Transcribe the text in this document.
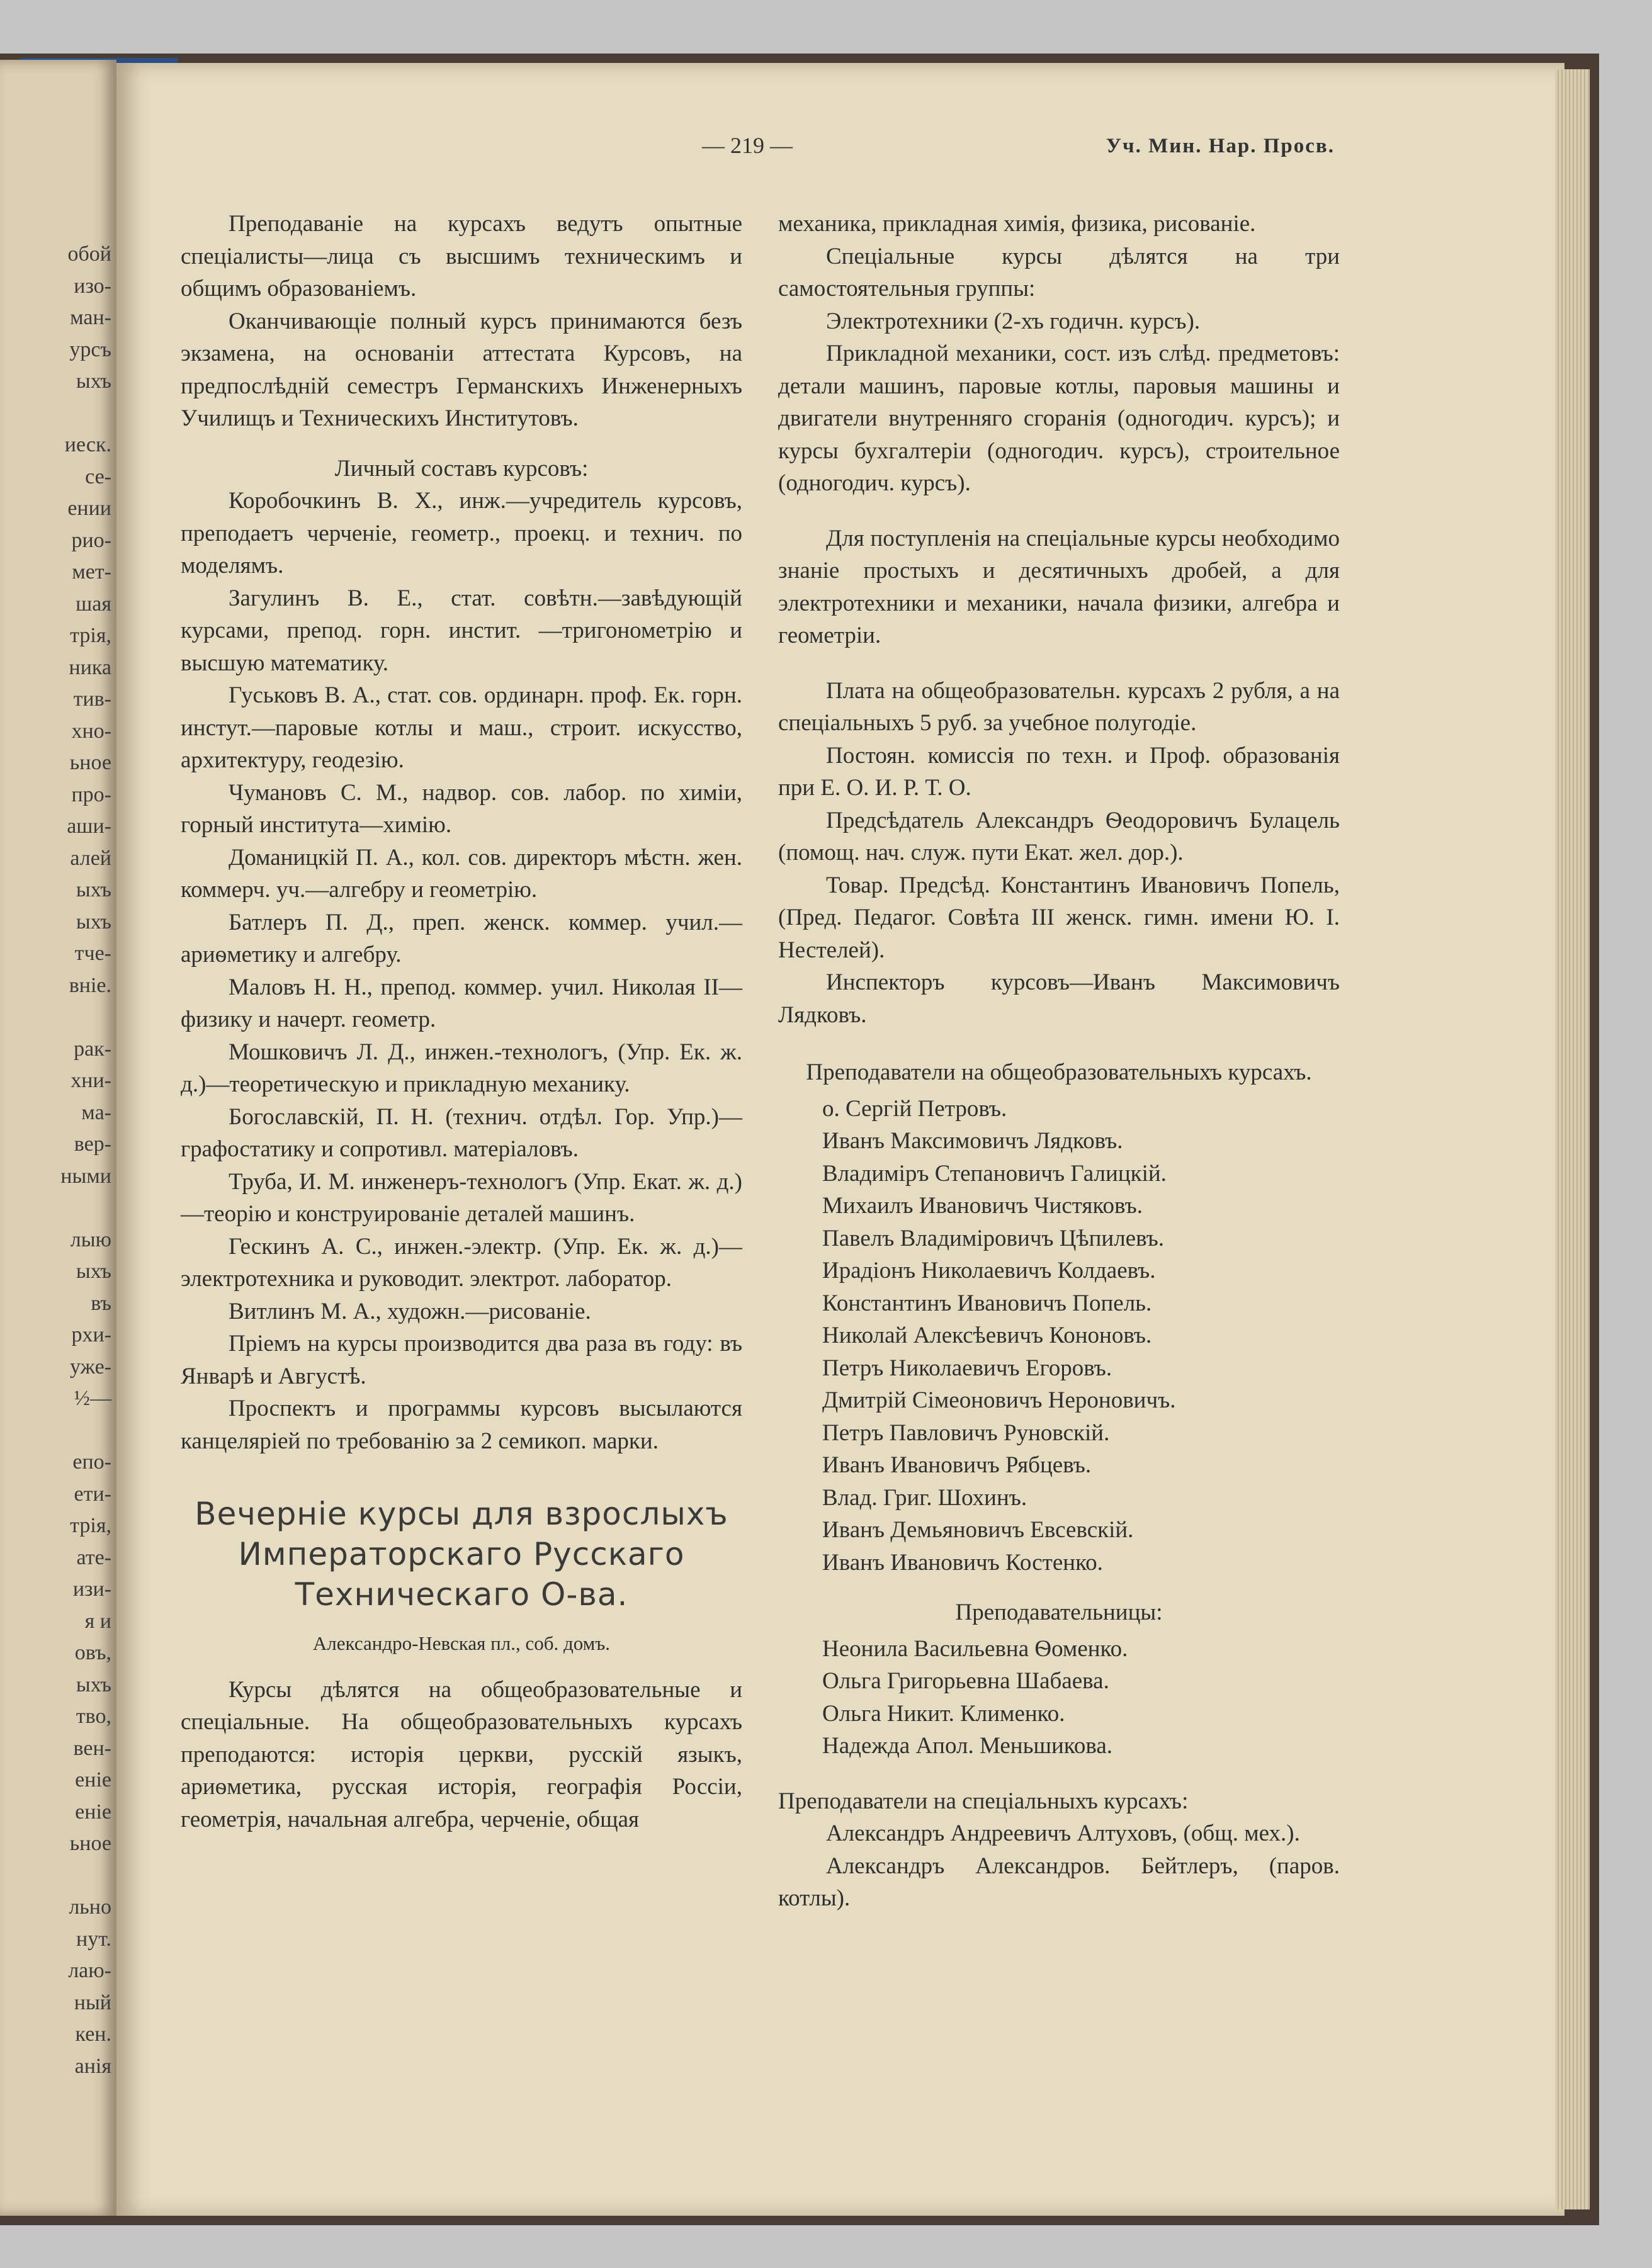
обой
изо-
ман-
урсъ
ыхъ
иеск.
се-
ении
рио-
мет-
шая
трія,
ника
тив-
хно-
ьное
про-
аши-
алей
ыхъ
ыхъ
тче-
внiе.
рак-
хни-
ма-
вер-
ными
лыю
ыхъ
въ
рхи-
уже-
½—
епо-
ети-
трія,
ате-
изи-
я и
овъ,
ыхъ
тво,
вен-
еніе
еніе
ьное
льно
нут.
лаю-
ный
кен.
анія
— 219 —	Уч. Мин. Нар. Просв.

Преподаваніе на курсахъ ведутъ опытные спеціалисты—лица съ высшимъ техническимъ и общимъ образованіемъ.

Оканчивающіе полный курсъ принимаются безъ экзамена, на основаніи аттестата Курсовъ, на предпослѣдній семестръ Германскихъ Инженерныхъ Училищъ и Техническихъ Институтовъ.

Личный составъ курсовъ:

Коробочкинъ В. Х., инж.—учредитель курсовъ, преподаетъ черченіе, геометр., проекц. и технич. по моделямъ.

Загулинъ В. Е., стат. совѣтн.—завѣдующій курсами, препод. горн. инстит. —тригонометрію и высшую математику.

Гуськовъ В. А., стат. сов. ординарн. проф. Ек. горн. инстут.—паровые котлы и маш., строит. искусство, архитектуру, геодезію.

Чумановъ С. М., надвор. сов. лабор. по химіи, горный института—химію.

Доманицкій П. А., кол. сов. директоръ мѣстн. жен. коммерч. уч.—алгебру и геометрію.

Батлеръ П. Д., преп. женск. коммер. учил.—ариѳметику и алгебру.

Маловъ Н. Н., препод. коммер. учил. Николая II—физику и начерт. геометр.

Мошковичъ Л. Д., инжен.-технологъ, (Упр. Ек. ж. д.)—теоретическую и прикладную механику.

Богославскій, П. Н. (технич. отдѣл. Гор. Упр.)—графостатику и сопротивл. матеріаловъ.

Труба, И. М. инженеръ-технологъ (Упр. Екат. ж. д.)—теорію и конструированіе деталей машинъ.

Гескинъ А. С., инжен.-электр. (Упр. Ек. ж. д.)—электротехника и руководит. электрот. лаборатор.

Витлинъ М. А., художн.—рисованіе.

Пріемъ на курсы производится два раза въ году: въ Январѣ и Августѣ.

Проспектъ и программы курсовъ высылаются канцеляріей по требованію за 2 семикоп. марки.

Вечерніе курсы для взрослыхъ Императорскаго Русскаго Техническаго О-ва.

Александро-Невская пл., соб. домъ.

Курсы дѣлятся на общеобразовательные и спеціальные. На общеобразовательныхъ курсахъ преподаются: исторія церкви, русскій языкъ, ариѳметика, русская исторія, географія Россіи, геометрія, начальная алгебра, черченіе, общая

механика, прикладная химія, физика, рисованіе.

Спеціальные курсы дѣлятся на три самостоятельныя группы:

Электротехники (2-хъ годичн. курсъ).

Прикладной механики, сост. изъ слѣд. предметовъ: детали машинъ, паровые котлы, паровыя машины и двигатели внутренняго сгоранія (одногодич. курсъ); и курсы бухгалтеріи (одногодич. курсъ), строительное (одногодич. курсъ).

Для поступленія на спеціальные курсы необходимо знаніе простыхъ и десятичныхъ дробей, а для электротехники и механики, начала физики, алгебра и геометріи.

Плата на общеобразовательн. курсахъ 2 рубля, а на спеціальныхъ 5 руб. за учебное полугодіе.

Постоян. комиссія по техн. и Проф. образованія при Е. О. И. Р. Т. О.

Предсѣдатель Александръ Ѳеодоровичъ Булацель (помощ. нач. служ. пути Екат. жел. дор.).

Товар. Предсѣд. Константинъ Ивановичъ Попель, (Пред. Педагог. Совѣта III женск. гимн. имени Ю. І. Нестелей).

Инспекторъ курсовъ—Иванъ Максимовичъ Лядковъ.

Преподаватели на общеобразовательныхъ курсахъ.

о. Сергій Петровъ.
Иванъ Максимовичъ Лядковъ.
Владиміръ Степановичъ Галицкій.
Михаилъ Ивановичъ Чистяковъ.
Павелъ Владиміровичъ Цѣпилевъ.
Ирадіонъ Николаевичъ Колдаевъ.
Константинъ Ивановичъ Попель.
Николай Алексѣевичъ Кононовъ.
Петръ Николаевичъ Егоровъ.
Дмитрій Сімеоновичъ Нероновичъ.
Петръ Павловичъ Руновскій.
Иванъ Ивановичъ Рябцевъ.
Влад. Григ. Шохинъ.
Иванъ Демьяновичъ Евсевскій.
Иванъ Ивановичъ Костенко.

Преподавательницы:

Неонила Васильевна Ѳоменко.
Ольга Григорьевна Шабаева.
Ольга Никит. Клименко.
Надежда Апол. Меньшикова.

Преподаватели на спеціальныхъ курсахъ:

Александръ Андреевичъ Алтуховъ, (общ. мех.).

Александръ Александров. Бейтлеръ, (паров. котлы).
